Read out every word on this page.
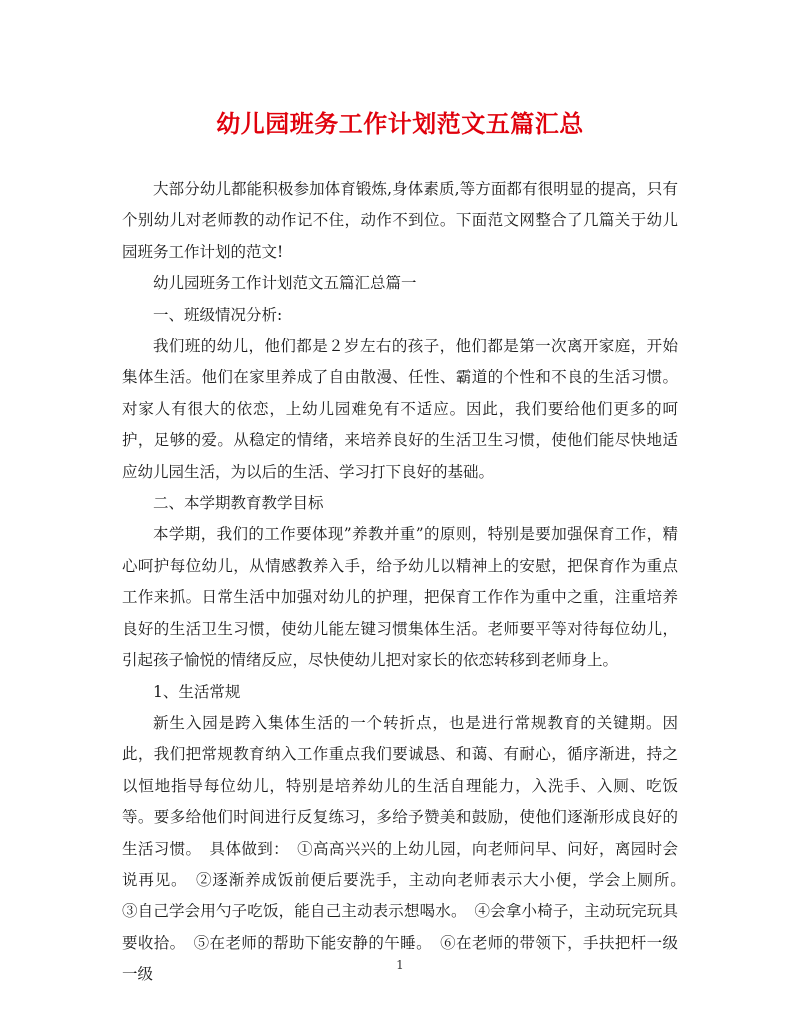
幼儿园班务工作计划范文五篇汇总

大部分幼儿都能积极参加体育锻炼,身体素质,等方面都有很明显的提高，只有个别幼儿对老师教的动作记不住，动作不到位。下面范文网整合了几篇关于幼儿园班务工作计划的范文!

幼儿园班务工作计划范文五篇汇总篇一

一、班级情况分析:

我们班的幼儿，他们都是２岁左右的孩子，他们都是第一次离开家庭，开始集体生活。他们在家里养成了自由散漫、任性、霸道的个性和不良的生活习惯。对家人有很大的依恋，上幼儿园难免有不适应。因此，我们要给他们更多的呵护，足够的爱。从稳定的情绪，来培养良好的生活卫生习惯，使他们能尽快地适应幼儿园生活，为以后的生活、学习打下良好的基础。

二、本学期教育教学目标

本学期，我们的工作要体现”养教并重”的原则，特别是要加强保育工作，精心呵护每位幼儿，从情感教养入手，给予幼儿以精神上的安慰，把保育作为重点工作来抓。日常生活中加强对幼儿的护理，把保育工作作为重中之重，注重培养良好的生活卫生习惯，使幼儿能左键习惯集体生活。老师要平等对待每位幼儿，引起孩子愉悦的情绪反应，尽快使幼儿把对家长的依恋转移到老师身上。

1、生活常规

新生入园是跨入集体生活的一个转折点，也是进行常规教育的关键期。因此，我们把常规教育纳入工作重点我们要诚恳、和蔼、有耐心，循序渐进，持之以恒地指导每位幼儿，特别是培养幼儿的生活自理能力，入洗手、入厕、吃饭等。要多给他们时间进行反复练习，多给予赞美和鼓励，使他们逐渐形成良好的生活习惯。　具体做到：　①高高兴兴的上幼儿园，向老师问早、问好，离园时会说再见。　②逐渐养成饭前便后要洗手，主动向老师表示大小便，学会上厕所。　③自己学会用勺子吃饭，能自己主动表示想喝水。　④会拿小椅子，主动玩完玩具要收拾。　⑤在老师的帮助下能安静的午睡。　⑥在老师的带领下，手扶把杆一级一级

1
